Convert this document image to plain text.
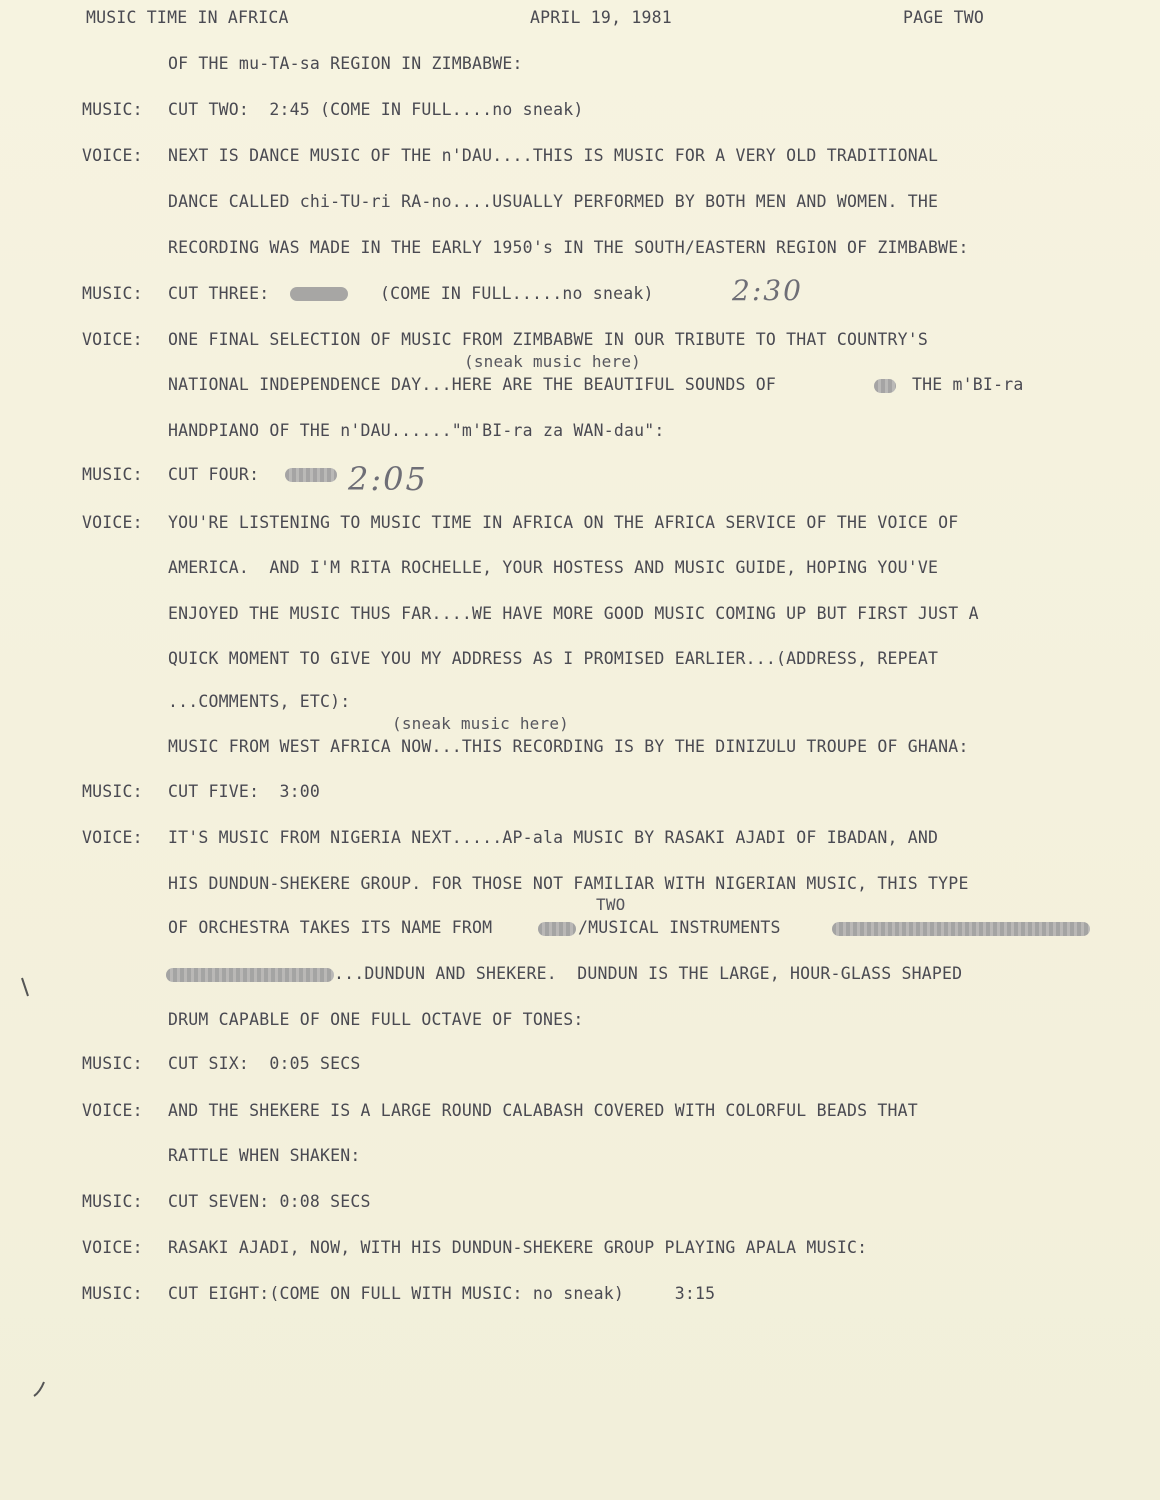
MUSIC TIME IN AFRICA	APRIL 19, 1981	PAGE TWO
OF THE mu-TA-sa REGION IN ZIMBABWE:
MUSIC: CUT TWO:  2:45 (COME IN FULL....no sneak)
VOICE: NEXT IS DANCE MUSIC OF THE n'DAU....THIS IS MUSIC FOR A VERY OLD TRADITIONAL
DANCE CALLED chi-TU-ri RA-no....USUALLY PERFORMED BY BOTH MEN AND WOMEN. THE
RECORDING WAS MADE IN THE EARLY 1950's IN THE SOUTH/EASTERN REGION OF ZIMBABWE:
MUSIC: CUT THREE:	(COME IN FULL.....no sneak)	2:30
VOICE: ONE FINAL SELECTION OF MUSIC FROM ZIMBABWE IN OUR TRIBUTE TO THAT COUNTRY'S
(sneak music here)
NATIONAL INDEPENDENCE DAY...HERE ARE THE BEAUTIFUL SOUNDS OF	THE m'BI-ra
HANDPIANO OF THE n'DAU......"m'BI-ra za WAN-dau":
MUSIC: CUT FOUR:	2:05
VOICE: YOU'RE LISTENING TO MUSIC TIME IN AFRICA ON THE AFRICA SERVICE OF THE VOICE OF
AMERICA.  AND I'M RITA ROCHELLE, YOUR HOSTESS AND MUSIC GUIDE, HOPING YOU'VE
ENJOYED THE MUSIC THUS FAR....WE HAVE MORE GOOD MUSIC COMING UP BUT FIRST JUST A
QUICK MOMENT TO GIVE YOU MY ADDRESS AS I PROMISED EARLIER...(ADDRESS, REPEAT
...COMMENTS, ETC):
(sneak music here)
MUSIC FROM WEST AFRICA NOW...THIS RECORDING IS BY THE DINIZULU TROUPE OF GHANA:
MUSIC: CUT FIVE:  3:00
VOICE: IT'S MUSIC FROM NIGERIA NEXT.....AP-ala MUSIC BY RASAKI AJADI OF IBADAN, AND
HIS DUNDUN-SHEKERE GROUP. FOR THOSE NOT FAMILIAR WITH NIGERIAN MUSIC, THIS TYPE
TWO
OF ORCHESTRA TAKES ITS NAME FROM	/MUSICAL INSTRUMENTS
...DUNDUN AND SHEKERE.  DUNDUN IS THE LARGE, HOUR-GLASS SHAPED
DRUM CAPABLE OF ONE FULL OCTAVE OF TONES:
MUSIC: CUT SIX:  0:05 SECS
VOICE: AND THE SHEKERE IS A LARGE ROUND CALABASH COVERED WITH COLORFUL BEADS THAT
RATTLE WHEN SHAKEN:
MUSIC: CUT SEVEN: 0:08 SECS
VOICE: RASAKI AJADI, NOW, WITH HIS DUNDUN-SHEKERE GROUP PLAYING APALA MUSIC:
MUSIC: CUT EIGHT:(COME ON FULL WITH MUSIC: no sneak)     3:15
